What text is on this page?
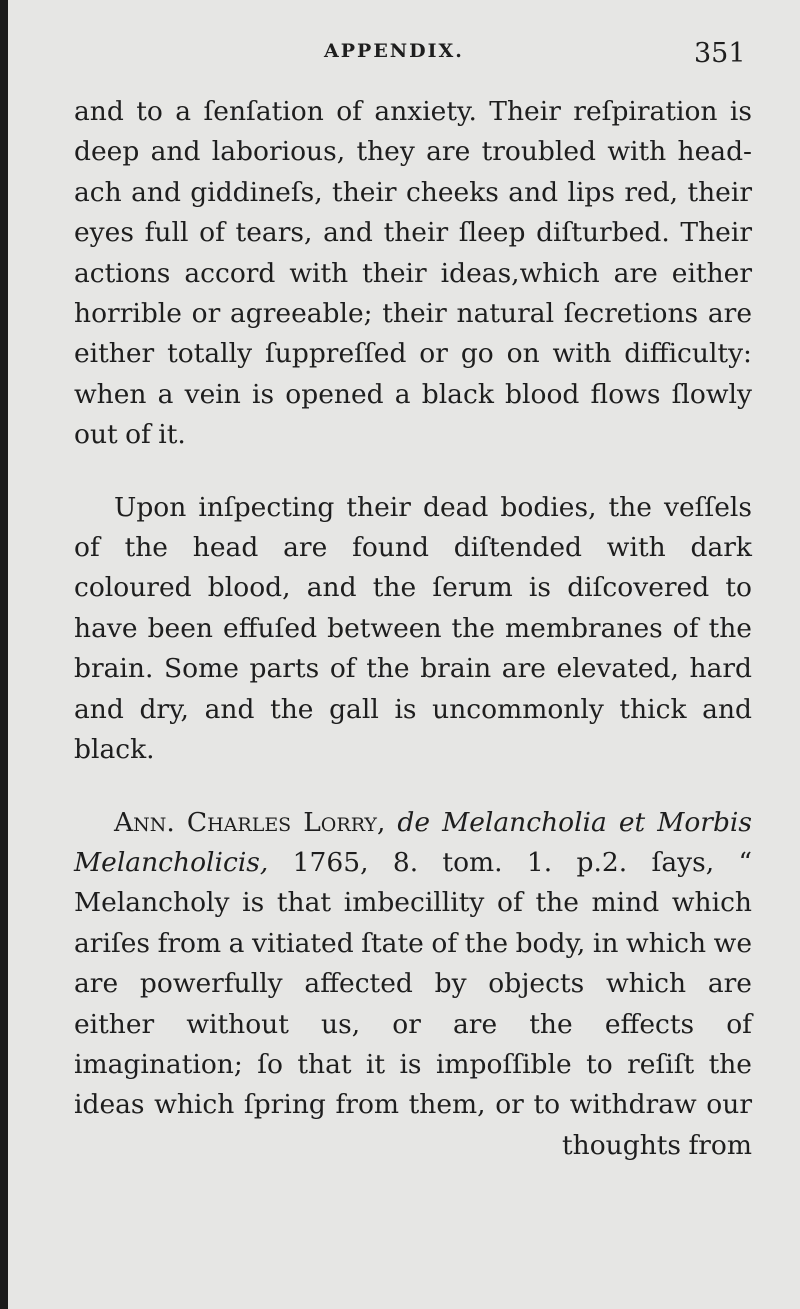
APPENDIX.	351

and to a ſenſation of anxiety. Their reſpiration is deep and laborious, they are troubled with head-ach and giddineſs, their cheeks and lips red, their eyes full of tears, and their ſleep diſturbed. Their actions accord with their ideas,which are either horrible or agreeable; their natural ſecretions are either totally ſuppreſſed or go on with difficulty: when a vein is opened a black blood flows ſlowly out of it.

Upon inſpecting their dead bodies, the veſſels of the head are found diſtended with dark coloured blood, and the ſerum is diſcovered to have been effuſed between the membranes of the brain. Some parts of the brain are elevated, hard and dry, and the gall is uncommonly thick and black.

Ann. Charles Lorry, de Melancholia et Morbis Melancholicis, 1765, 8. tom. 1. p.2. ſays, “ Melancholy is that imbecillity of the mind which ariſes from a vitiated ſtate of the body, in which we are powerfully affected by objects which are either without us, or are the effects of imagination; ſo that it is impoſſible to reſiſt the ideas which ſpring from them, or to withdraw our thoughts from
